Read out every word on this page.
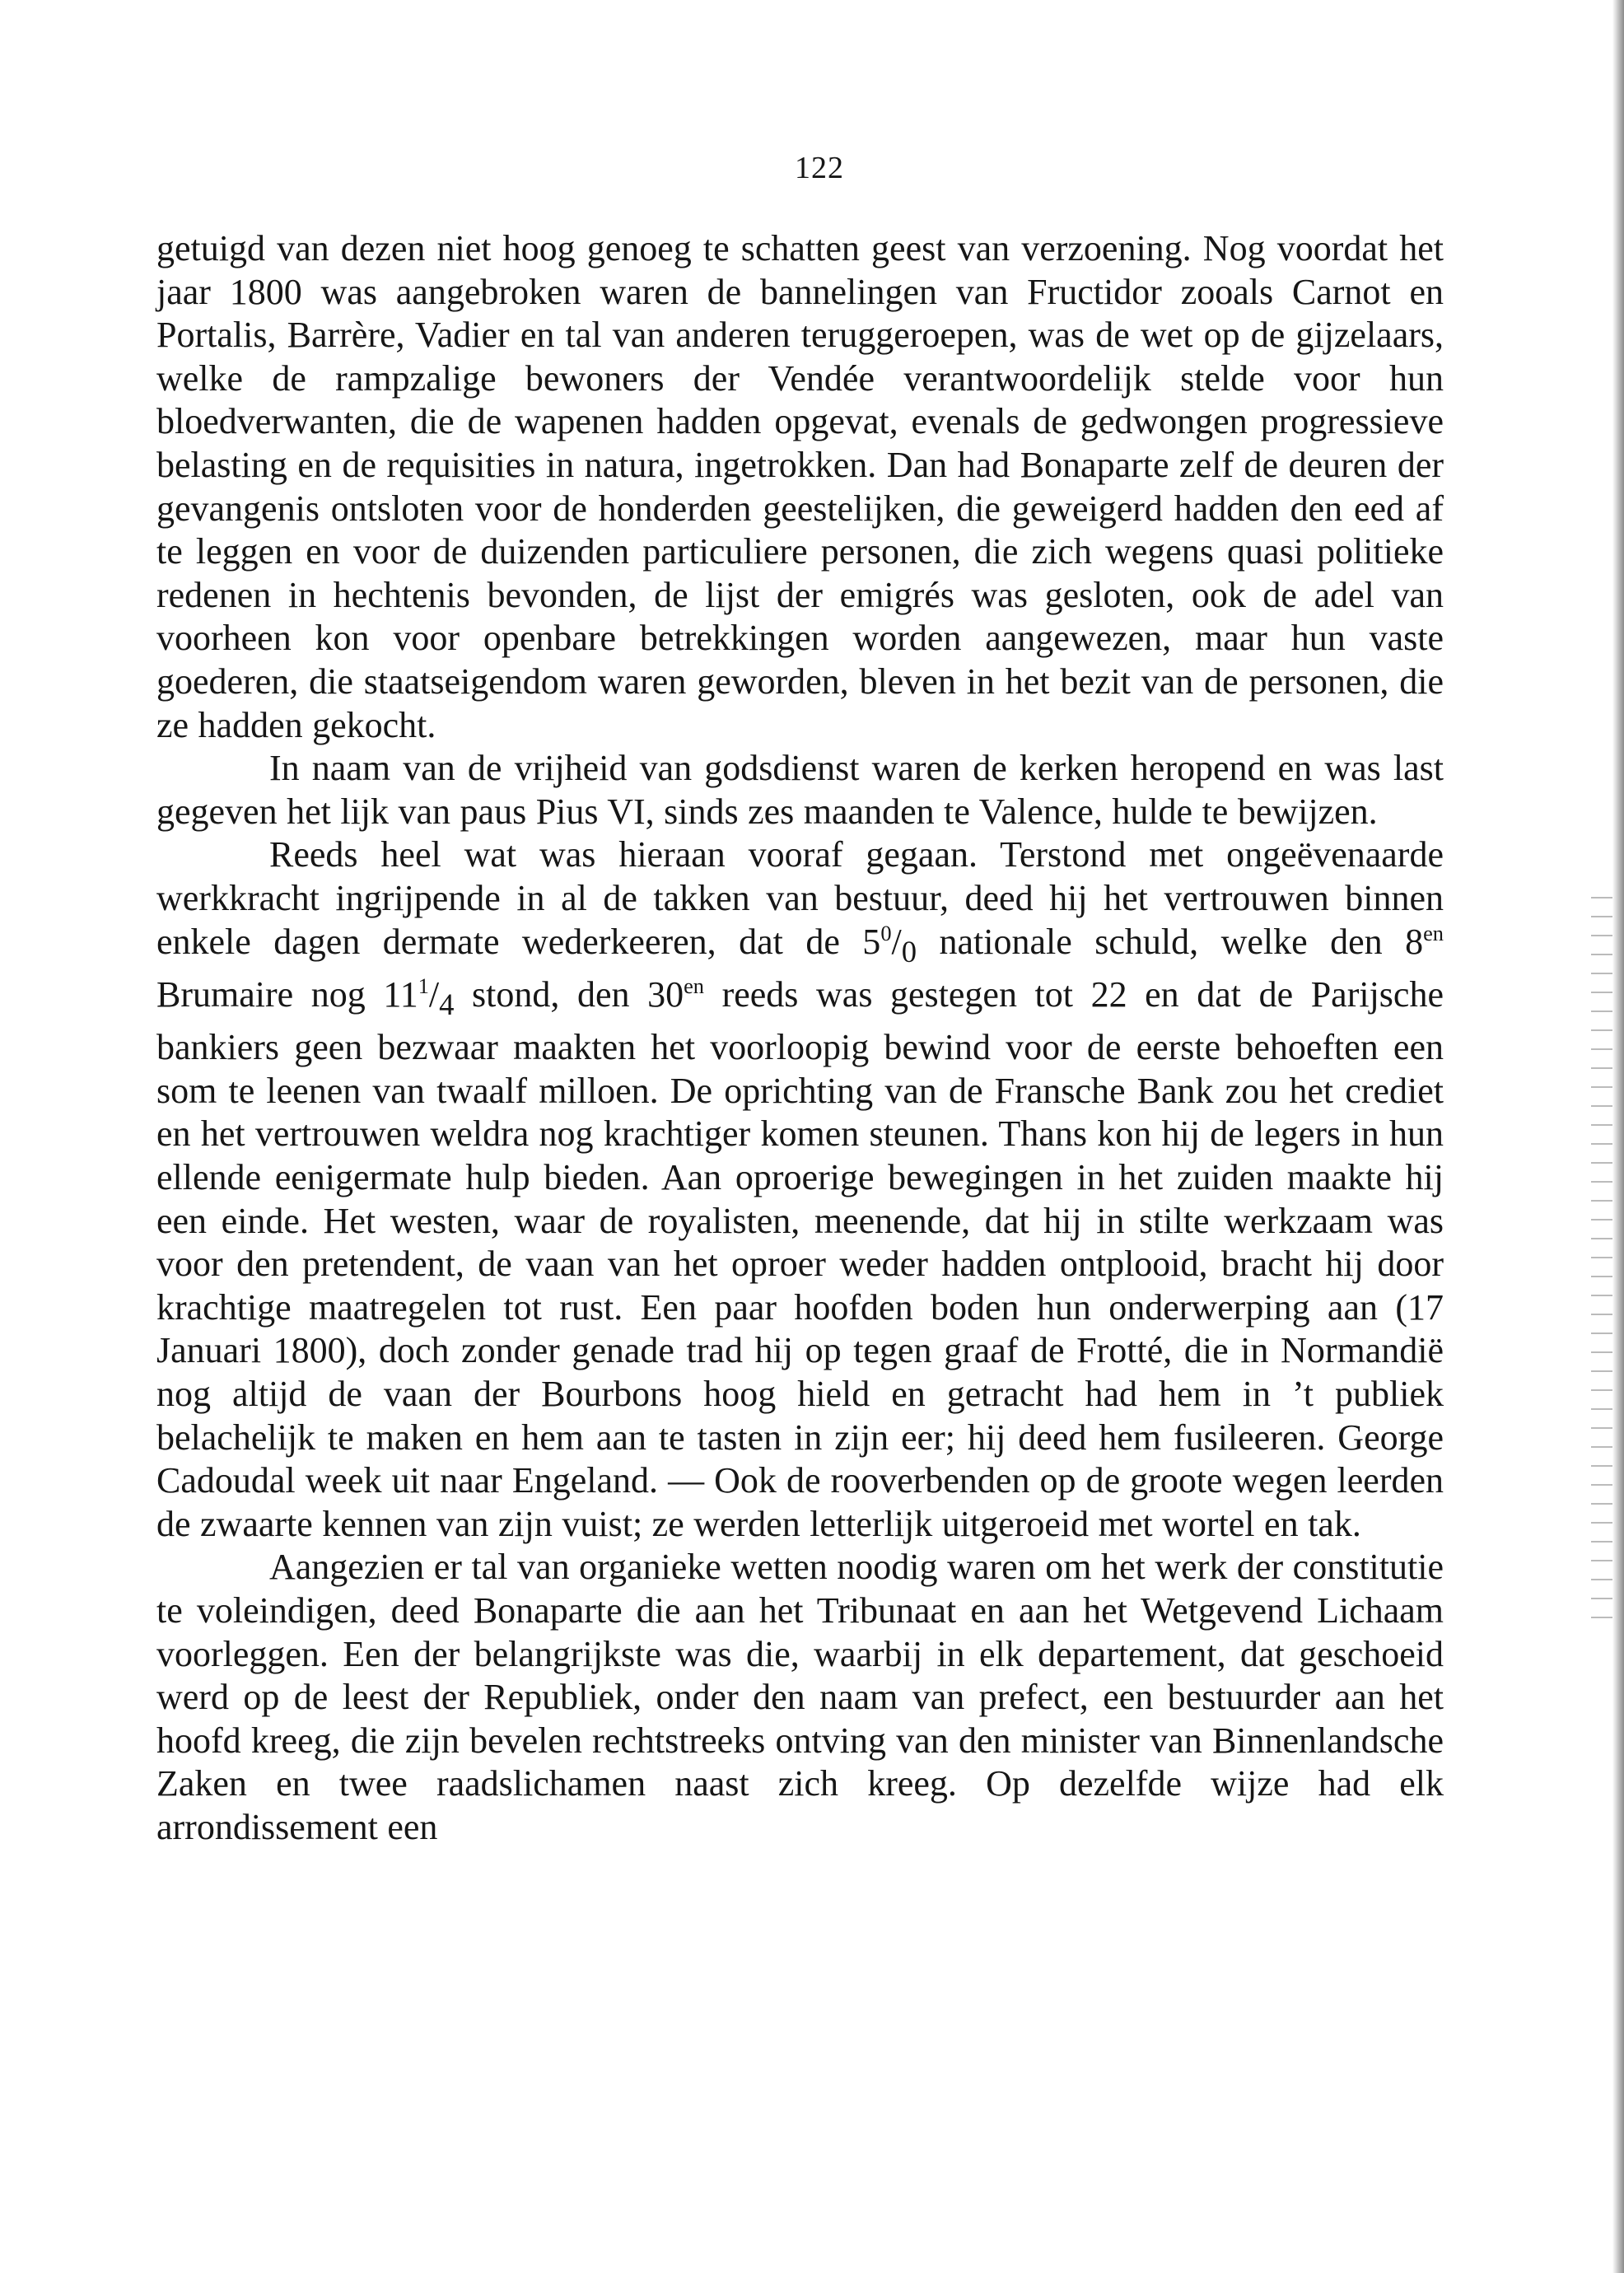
122

getuigd van dezen niet hoog genoeg te schatten geest van verzoening. Nog voordat het jaar 1800 was aangebroken waren de bannelingen van Fructidor zooals Carnot en Portalis, Barrère, Vadier en tal van anderen teruggeroepen, was de wet op de gijzelaars, welke de rampzalige bewoners der Vendée verantwoordelijk stelde voor hun bloedverwanten, die de wapenen hadden opgevat, evenals de gedwongen progressieve belasting en de requisities in natura, ingetrokken. Dan had Bonaparte zelf de deuren der gevangenis ontsloten voor de honderden geestelijken, die geweigerd hadden den eed af te leggen en voor de duizenden particuliere personen, die zich wegens quasi politieke redenen in hechtenis bevonden, de lijst der emigrés was gesloten, ook de adel van voorheen kon voor openbare betrekkingen worden aangewezen, maar hun vaste goederen, die staatseigendom waren geworden, bleven in het bezit van de personen, die ze hadden gekocht.

In naam van de vrijheid van godsdienst waren de kerken heropend en was last gegeven het lijk van paus Pius VI, sinds zes maanden te Valence, hulde te bewijzen.

Reeds heel wat was hieraan vooraf gegaan. Terstond met ongeëvenaarde werkkracht ingrijpende in al de takken van bestuur, deed hij het vertrouwen binnen enkele dagen dermate wederkeeren, dat de $5^0/_0$ nationale schuld, welke den $8^{en}$ Brumaire nog $11^1/_4$ stond, den $30^{en}$ reeds was gestegen tot 22 en dat de Parijsche bankiers geen bezwaar maakten het voorloopig bewind voor de eerste behoeften een som te leenen van twaalf milloen. De oprichting van de Fransche Bank zou het crediet en het vertrouwen weldra nog krachtiger komen steunen. Thans kon hij de legers in hun ellende eenigermate hulp bieden. Aan oproerige bewegingen in het zuiden maakte hij een einde. Het westen, waar de royalisten, meenende, dat hij in stilte werkzaam was voor den pretendent, de vaan van het oproer weder hadden ontplooid, bracht hij door krachtige maatregelen tot rust. Een paar hoofden boden hun onderwerping aan (17 Januari 1800), doch zonder genade trad hij op tegen graaf de Frotté, die in Normandië nog altijd de vaan der Bourbons hoog hield en getracht had hem in ’t publiek belachelijk te maken en hem aan te tasten in zijn eer; hij deed hem fusileeren. George Cadoudal week uit naar Engeland. — Ook de rooverbenden op de groote wegen leerden de zwaarte kennen van zijn vuist; ze werden letterlijk uitgeroeid met wortel en tak.

Aangezien er tal van organieke wetten noodig waren om het werk der constitutie te voleindigen, deed Bonaparte die aan het Tribunaat en aan het Wetgevend Lichaam voorleggen. Een der belangrijkste was die, waarbij in elk departement, dat geschoeid werd op de leest der Republiek, onder den naam van prefect, een bestuurder aan het hoofd kreeg, die zijn bevelen rechtstreeks ontving van den minister van Binnenlandsche Zaken en twee raadslichamen naast zich kreeg. Op dezelfde wijze had elk arrondissement een
